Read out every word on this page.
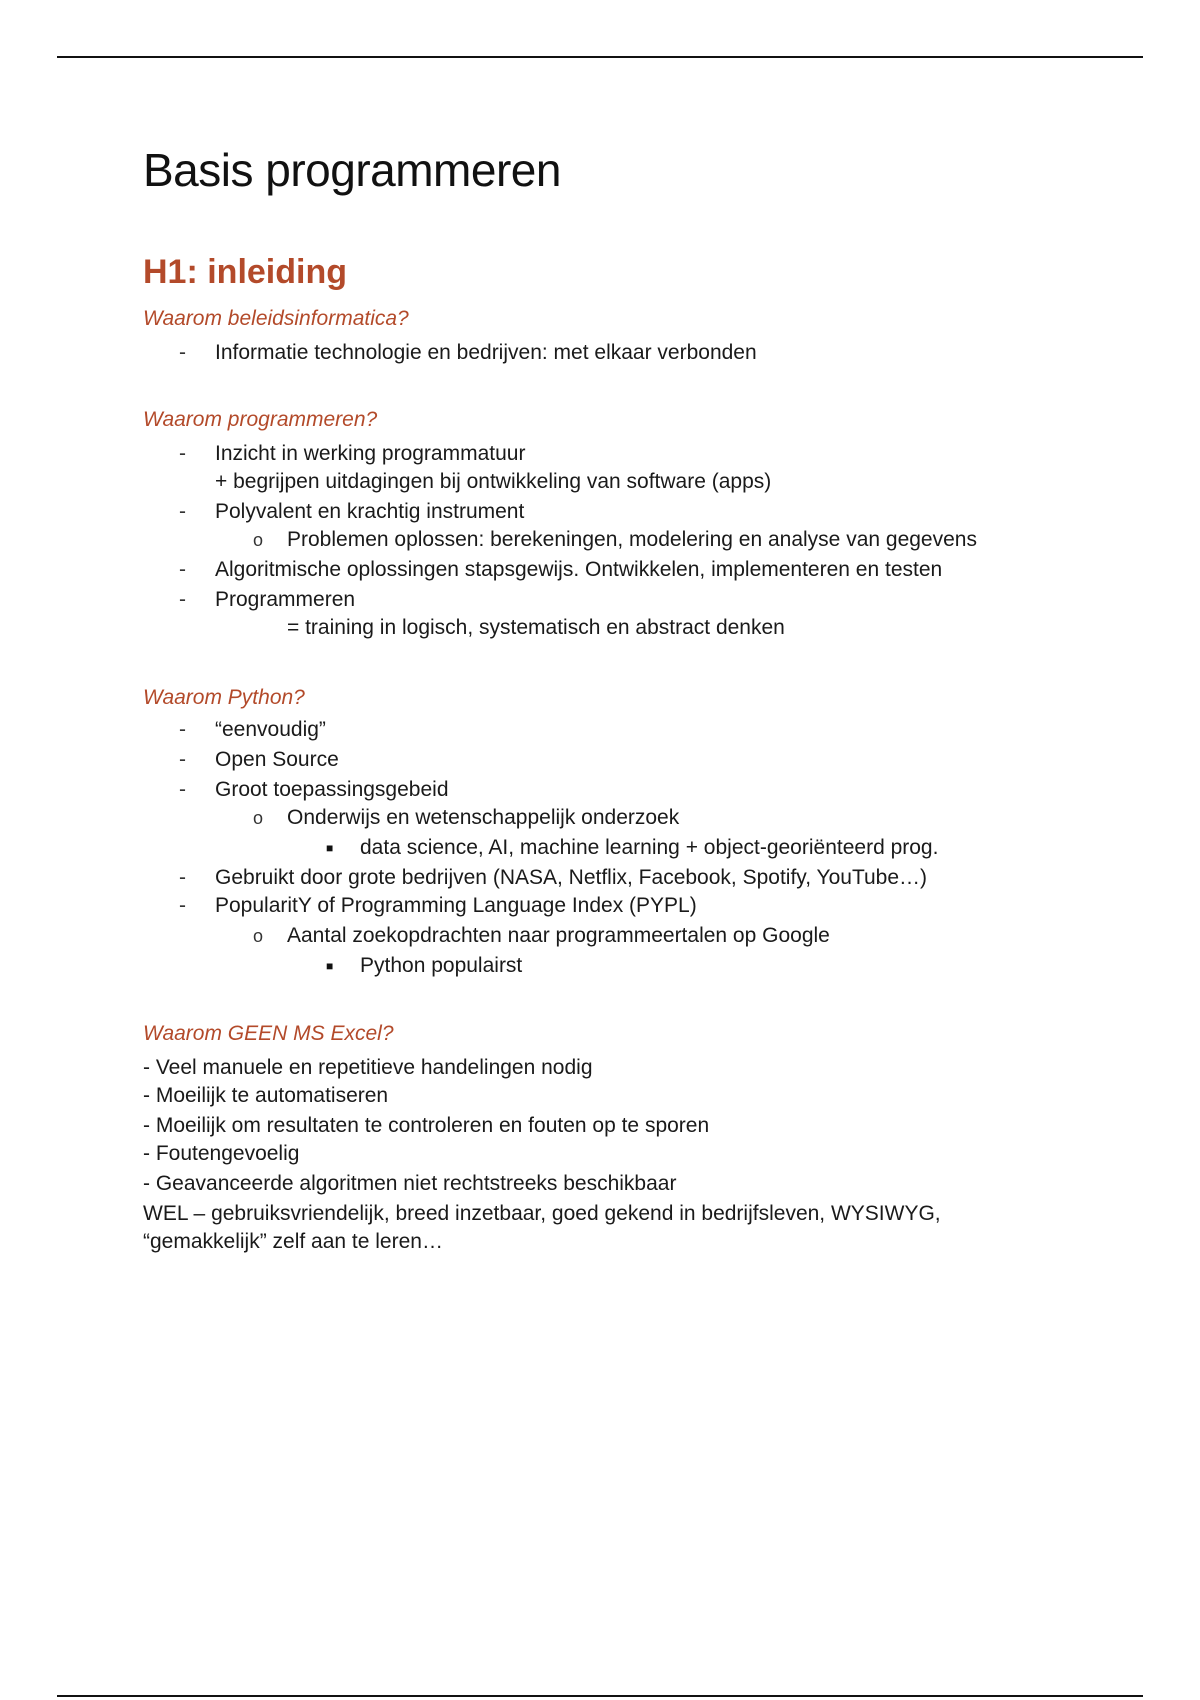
Basis programmeren
H1: inleiding
Waarom beleidsinformatica?
- Informatie technologie en bedrijven: met elkaar verbonden
Waarom programmeren?
- Inzicht in werking programmatuur
+ begrijpen uitdagingen bij ontwikkeling van software (apps)
- Polyvalent en krachtig instrument
o Problemen oplossen: berekeningen, modelering en analyse van gegevens
- Algoritmische oplossingen stapsgewijs. Ontwikkelen, implementeren en testen
- Programmeren
= training in logisch, systematisch en abstract denken
Waarom Python?
- “eenvoudig”
- Open Source
- Groot toepassingsgebeid
o Onderwijs en wetenschappelijk onderzoek
■ data science, AI, machine learning + object-georiënteerd prog.
- Gebruikt door grote bedrijven (NASA, Netflix, Facebook, Spotify, YouTube…)
- PopularitY of Programming Language Index (PYPL)
o Aantal zoekopdrachten naar programmeertalen op Google
■ Python populairst
Waarom GEEN MS Excel?
- Veel manuele en repetitieve handelingen nodig
- Moeilijk te automatiseren
- Moeilijk om resultaten te controleren en fouten op te sporen
- Foutengevoelig
- Geavanceerde algoritmen niet rechtstreeks beschikbaar
WEL – gebruiksvriendelijk, breed inzetbaar, goed gekend in bedrijfsleven, WYSIWYG,
“gemakkelijk” zelf aan te leren…
